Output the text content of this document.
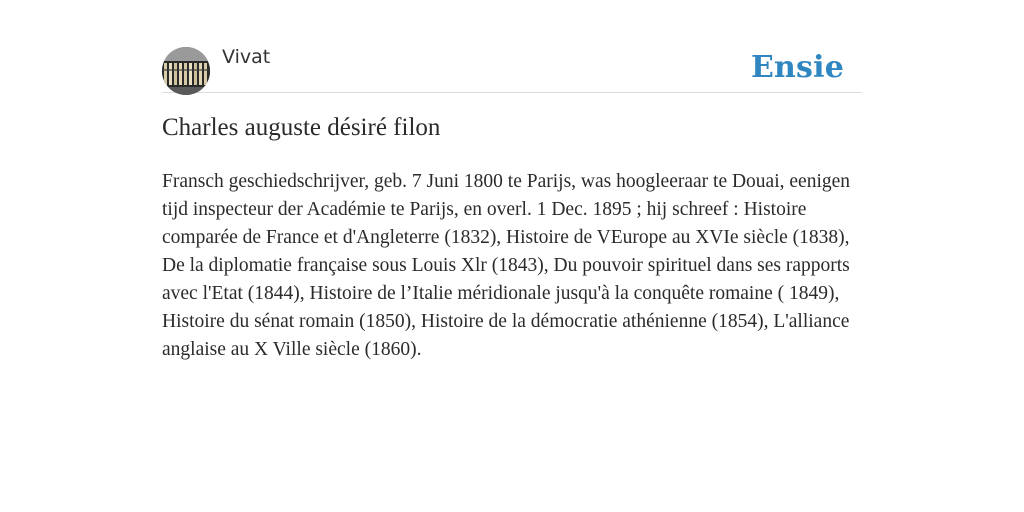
Vivat	Ensie
Charles auguste désiré filon

Fransch geschiedschrijver, geb. 7 Juni 1800 te Parijs, was hoogleeraar te Douai, eenigen tijd inspecteur der Académie te Parijs, en overl. 1 Dec. 1895 ; hij schreef : Histoire comparée de France et d'Angleterre (1832), Histoire de VEurope au XVIe siècle (1838), De la diplomatie française sous Louis Xlr (1843), Du pouvoir spirituel dans ses rapports avec l'Etat (1844), Histoire de l’Italie méridionale jusqu'à la conquête romaine ( 1849), Histoire du sénat romain (1850), Histoire de la démocratie athénienne (1854), L'alliance anglaise au X Ville siècle (1860).
